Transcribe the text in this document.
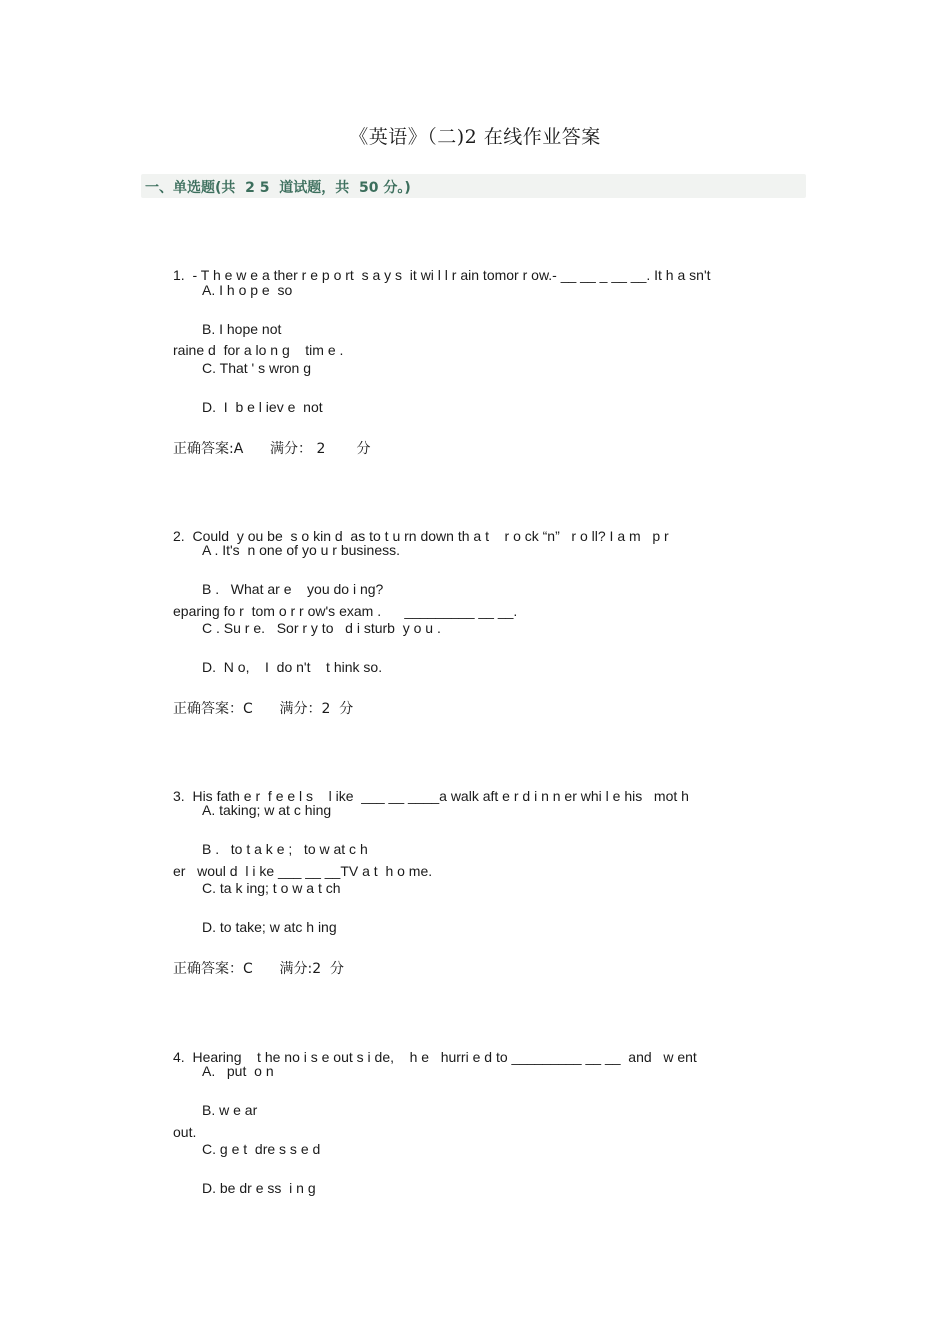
《英语》（二)2 在线作业答案
一、单选题(共  2 5  道试题，共  50 分。)

1.  - T h e w e a ther r e p o rt  s a y s  it wi l l r ain tomor r ow.- __ __ _ __ __. It h a sn't

raine d  for a lo n g    tim e .

A. I h o p e  so
B. I hope not
C. That ' s wron g
D.  I  b e l iev e  not
正确答案:A      满分： 2       分

2.  Could  y ou be  s o kin d  as to t u rn down th a t    r o ck “n”   r o ll? I a m   p r

eparing fo r  tom o r r ow's exam .      _________ __ __.

A . It's  n one of yo u r business.
B .   What ar e    you do i ng?
C . Su r e.   Sor r y to   d i sturb  y o u .
D.  N o,    I  do n't    t hink so.
正确答案：C      满分：2  分

3.  His fath e r  f e e l s    l ike  ___ __ ____a walk aft e r d i n n er whi l e his   mot h

er   woul d  l i ke ___ __ __TV a t  h o me.

A. taking; w at c hing
B .   to t a k e ;   to w at c h
C. ta k ing; t o w a t ch
D. to take; w atc h ing
正确答案：C      满分:2  分

4.  Hearing    t he no i s e out s i de,    h e   hurri e d to _________ __ __  and   w ent

out.

A.   put  o n
B. w e ar
C. g e t  dre s s e d
D. be dr e ss  i n g
